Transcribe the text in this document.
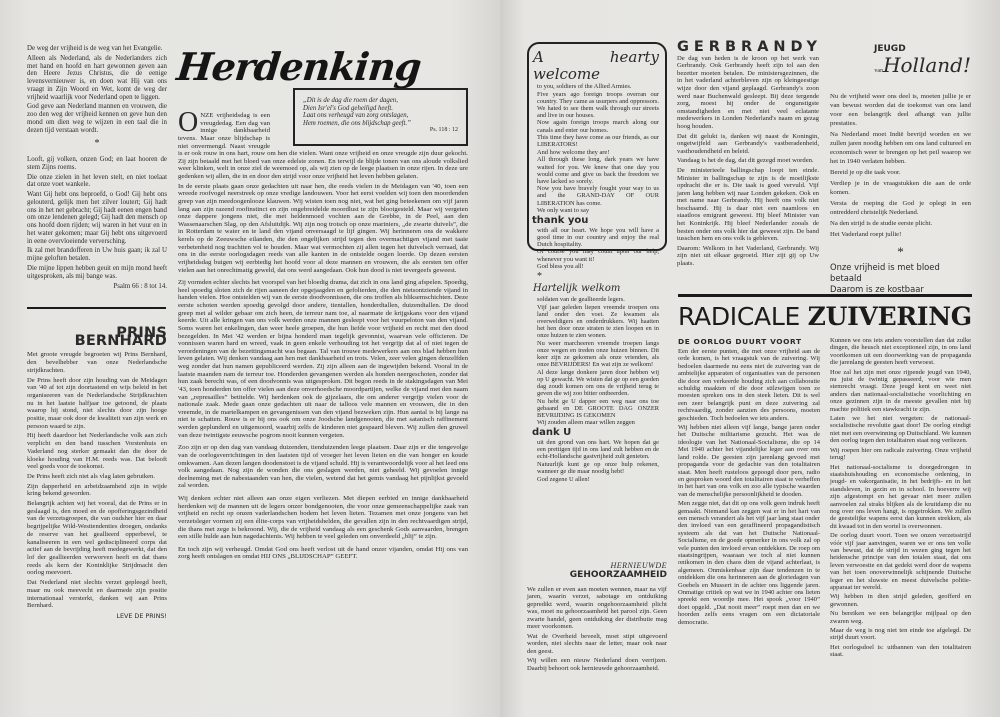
De weg der vrijheid is de weg van het Evangelie.

Alleen als Nederland, als de Nederlanders zich met hand en hoofd en hart gewonnen geven aan den Heere Jezus Christus, die de eenige levensvernieuwer is, en doen wat Hij van ons vraagt in Zijn Woord en Wet, komt de weg der vrijheid waarlijk voor Nederland open te liggen.

God geve aan Nederland mannen en vrouwen, die zoo den weg der vrijheid kennen en geve hun den mond om dien weg te wijzen in een taal die in dezen tijd verstaan wordt.

*

Looft, gij volken, onzen God; en laat hooren de stem Zijns roems.

Die onze zielen in het leven stelt, en niet toelaat dat onze voet wankele.

Want Gij hebt ons beproefd, o God! Gij hebt ons gelouterd, gelijk men het zilver loutert; Gij hadt ons in het net gebracht; Gij hadt eenen engen band om onze lendenen gelegd; Gij hadt den mensch op ons hoofd doen rijden; wij waren in het vuur en in het water gekomen; maar Gij hebt ons uitgevoerd in eene overvloeiende verversching.

Ik zal met brandofferen in Uw huis gaan; ik zal U mijne geloften betalen.

Die mijne lippen hebben geuit en mijn mond heeft uitgesproken, als mij bange was.

Psalm 66 : 8 tot 14.
PRINS BERNHARD

Met groote vreugde begroeten wij Prins Bernhard, den bevelhebber van onze Nederlandsche strijdkrachten.

De Prins heeft door zijn houding van de Meidagen van '40 af tot zijn doortastend en wijs beleid in het organiseeren van de Nederlandsche Strijdkrachten nu in het laatste halfjaar toe getoond, de plaats waarop hij stond, niet slechts door zijn hooge positie, maar ook door de kwaliteit van zijn werk en persoon waard te zijn.

Hij heeft daardoor het Nederlandsche volk aan zich verplicht en den band tusschen Vorstenhuis en Vaderland nog sterker gemaakt dan die door de kloeke houding van H.M. reeds was. Dat belooft veel goeds voor de toekomst.

De Prins heeft zich niet als vlag laten gebruiken.

Zijn dapperheid en arbeidzaamheid zijn in wijde kring bekend geworden.

Belangrijk achten wij het vooral, dat de Prins er in geslaagd is, den moed en de opofferingsgezindheid van de verzetsgroepen, die van oudsher hier en daar begrijpelijke Wild-Westtendenties droegen, ondanks de reserve van het geallieerd opperbevel, te kanaliseeren in een wel gedisciplineerd corps dat actief aan de bevrijding heeft medegewerkt, dat den lof der geallieerden verworven heeft en dat thans reeds als kern der Koninklijke Strijdmacht den oorlog meevoert.

Dat Nederland niet slechts verzet gepleegd heeft, maar nu ook meevecht en daarmede zijn positie internationaal versterkt, danken wij aan Prins Bernhard.

LEVE DE PRINS!
Herdenking
„Dit is de dag die roem der dagen,
Dien Isr'el's God geheiligd heeft.
Laat ons verheugd van zorg ontslagen,
Hem roemen, die ons blijdschap geeft.”
Ps. 118 : 12

ONZE vrijheidsdag is een vreugdedag. Een dag van innige dankbaarheid tevens. Maar onze blijdschap is niet onvermengd. Naast vreugde is er ook rouw in ons hart, rouw om hen die vielen. Want onze vrijheid en onze vreugde zijn duur gekocht. Zij zijn betaald met het bloed van onze edelste zonen. En terwijl de blijde tonen van ons aloude volkslied weer klinken, welt in onze ziel de weemoed op, als wij zien op de leege plaatsen in onze rijen. In deze ure gedenken wij allen, die in en door den strijd voor onze vrijheid het leven hebben gelaten.

In de eerste plaats gaan onze gedachten uit naar hen, die reeds vielen in de Meidagen van '40, toen een wreede roofvogel neerstreek op onze vredige landouwen. Voor het eerst voelden wij toen den moordenden greep van zijn meedoogenlooze klauwen. Wij wisten toen nog niet, wat het ging beteekenen om vijf jaren lang aan zijn razend roofinstinct en zijn ongebreidelde moordlust te zijn blootgesteld. Maar wij vergeten onze dappere jongens niet, die met heldenmoed vochten aan de Grebbe, in de Peel, aan den Wassenaarschen Slag, op den Afsluitdijk. Wij zijn nog trotsch op onze mariniers, „de zwarte duivels”, die in Rotterdam te water en te land den vijand onversaagd te lijf gingen. Wij herinneren ons de wakkere kerels op de Zeeuwsche eilanden, die den ongelijken strijd tegen den overmachtigen vijand met taaie verbetenheid nog trachtten vol te houden. Maar wat vermochten zij allen tegen het duivelsch verraad, dat ons in die eerste oorlogsdagen reeds van alle kanten in de ontstelde oogen loerde. Op dezen eersten vrijheidsdag buigen wij eerbiedig het hoofd voor al deze mannen en vrouwen, die als eersten ten offer vielen aan het onrechtmatig geweld, dat ons werd aangedaan. Ook hun dood is niet tevergeefs geweest.

Zij vormden echter slechts het voorspel van het bloedig drama, dat zich in ons land ging afspelen. Spoedig, heel spoedig sloten zich de rijen aaneen der opgejaagden en gefolterden, die den nietsontziende vijand in handen vielen. Hoe ontstelden wij van de eerste doodvonnissen, die ons troffen als bliksemschichten. Deze eerste schoten werden spoedig gevolgd door andere, tientallen, honderdtallen, duizendtallen. De dood greep met al wilder gebaar om zich heen, de terreur nam toe, al naarmate de krijgskans voor den vijand keerde. Uit alle kringen van ons volk werden onze mannen gesleept voor het vuurpeloton van den vijand. Soms waren het enkelingen, dan weer heele groepen, die hun liefde voor vrijheid en recht met den dood bezegelden. In Mei '42 werden er bijna honderd man tegelijk gevonnist, waarvan vele officieren. De vonnissen waren hard en wreed, vaak in geen enkele verhouding tot het vergrijp dat al of niet tegen de verordeningen van de bezettingsmacht was begaan. Tal van trouwe medewerkers aan ons blad hebben hun leven gelaten. Wij denken vandaag aan hen met dankbaarheid en trots. Velen, zeer velen gingen denzelfden weg zonder dat hun namen gepubliceerd werden. Zij zijn alleen aan de ingewijden bekend. Vooral in de laatste maanden nam de terreur toe. Honderden gevangenen werden als honden neergeschoten, zonder dat hun zaak berecht was, of een doodvonnis was uitgesproken. Dit begon reeds in de stakingsdagen van Mei '43, toen honderden ten offer vielen aan deze onverhoedsche moordpartijen, welke de vijand met den naam van „represailles” betitelde. Wij herdenken ook de gijzelaars, die om anderer vergrijp vielen voor de nationale zaak. Mede gaan onze gedachten uit naar de talloos vele mannen en vrouwen, die in den vreemde, in de martelkampen en gevangenissen van den vijand bezweken zijn. Hun aantal is bij lange na niet te schatten. Rouw is er bij ons ook om onze Joodsche landgenooten, die met satanisch raffinement werden geplunderd en uitgemoord, waarbij zelfs de kinderen niet gespaard bleven. Wij zullen den gruwel van deze twintigste eeuwsche pogrom nooit kunnen vergeten.

Zoo zijn er op den dag van vandaag duizenden, tienduizenden leege plaatsen. Daar zijn er die tengevolge van de oorlogsverrichtingen in den laatsten tijd of vroeger het leven lieten en die van honger en koude omkwamen. Aan dezen langen doodenstoet is de vijand schuld. Hij is verantwoordelijk voor al het leed ons volk aangedaan. Nog zijn de wonden die ons geslagen werden, niet geheeld. Wij gevoelen innige deelneming met de nabestaanden van hen, die vielen, wetend dat het gemis vandaag het pijnlijkst gevoeld zal worden.

Wij denken echter niet alleen aan onze eigen verliezen. Met diepen eerbied en innige dankbaarheid herdenken wij de mannen uit de legers onzer bondgenooten, die voor onze gemeenschappelijke zaak van vrijheid en recht op onzen vaderlandschen bodem het leven lieten. Tezamen met onze jongens van het verzetsleger vormen zij een élite-corps van vrijheidshelden, die gevallen zijn in den rechtvaardigen strijd, die thans met zege is bekroond. Wij, die de vrijheid vandaag als een geschenk Gods aanvaarden, brengen een stille hulde aan hun nagedachtenis. Wij hebben te veel geleden om onverdeeld „blij” te zijn.

En toch zijn wij verheugd. Omdat God ons heeft verlost uit de hand onzer vijanden, omdat Hij ons van zorg heeft ontslagen en omdat HIJ ONS „BLIJDSCHAP” GEEFT.

A hearty welcome

to you, soldiers of the Allied Armies.

Five years ago foreign troops overran our country. They came as usurpers and oppressors. We hated to see them walk through our streets and live in our houses.

Now again foreign troops march along our canals and enter our homes.

This time they have come as our friends, as our LIBERATORS!

And how welcome they are!

All through these long, dark years we have waited for you. We knew that one day you would come and give us back the freedom we have lacked so sorely.

Now you have bravely fought your way to us and the GRAND-DAY OF OUR LIBERATION has come.

We only want to say

thank you

with all our heart. We hope you will have a good time in our country and enjoy the real Dutch hospitality.

Of course you may count upon our help, whenever you want it!

God bless you all!

*
Hartelijk welkom

soldaten van de geallieerde legers.

Vijf jaar geleden liepen vreemde troepen ons land onder den voet. Ze kwamen als overweldigers en onderdrukkers. Wij haatten het hen door onze straten te zien loopen en in onze huizen te zien wonen.

Nu weer marcheeren vreemde troepen langs onze wegen en treden onze huizen binnen. Dit keer zijn ze gekomen als onze vrienden, als onze BEVRIJDERS! En wat zijn ze welkom!

Al deze lange donkere jaren door hebben wij op U gewacht. We wisten dat ge op een goeden dag zoudt komen om ons de vrijheid terug te geven die wij zoo bitter ontbeerden.

Nu hebt ge U dapper een weg naar ons toe gebaand en DE GROOTE DAG ONZER BEVRIJDING IS GEKOMEN

Wij zouden alleen maar willen zeggen

dank U

uit den grond van ons hart. We hopen dat ge een prettigen tijd in ons land zult hebben en de echt-Hollandsche gastvrijheid zult genieten.

Natuurlijk kunt ge op onze hulp rekenen, wanneer ge die maar noodig hebt!

God zegene U allen!

HERNIEUWDE
GEHOORZAAMHEID

We zullen er even aan moeten wennen, maar na vijf jaren, waarin verzet, sabotage en ontduiking gepredikt werd, waarin ongehoorzaamheid plicht was, moet nu gehoorzaamheid het parool zijn. Geen zwarte handel, geen ontduiking der distributie mag meer voorkomen.

Wat de Overheid beveelt, moet stipt uitgevoerd worden, niet slechts naar de letter, maar ook naar den geest.

Wij willen een nieuw Nederland doen verrijzen. Daarbij behoort ook hernieuwde gehoorzaamheid.

GERBRANDY

De dag van heden is de kroon op het werk van Gerbrandy. Ook Gerbrandy heeft zijn tol aan den bezetter moeten betalen. De ministersgezinnen, die in het vaderland achterbleven zijn op kleingeestige wijze door den vijand geplaagd. Gerbrandy's zoon werd naar Buchenwald gesleept. Bij deze tergende zorg, moest hij onder de ongunstigste omstandigheden en met niet veel eclatante medewerkers in Londen Nederland's naam en gezag hoog houden.

Dat dit gelukt is, danken wij naast de Koningin, ongetwijfeld aan Gerbrandy's vastberadenheid, vasthoudendheid en beleid.

Vandaag is het de dag, dat dit gezegd moet worden.

De ministerieele ballingschap loopt ten einde. Minister in ballingschap te zijn is de moeilijkste opdracht die er is. Die taak is goed vervuld. Vijf jaren lang hebben wij naar Londen gekeken. Ook en met name naar Gerbrandy. Hij heeft ons volk niet beschaamd. Hij is daar niet een naamloos en staatloos emigrant geweest. Hij bleef Minister van het Koninkrijk. Hij bleef Nederlander zooals de besten onder ons volk hier dat geweest zijn. De band tusschen hem en ons volk is gebleven.

Daarom: Welkom in het Vaderland, Gerbrandy. Wij zijn niet uit elkaar gegroeid. Hier zijt gij op Uw plaats.

JEUGD
vanHolland!

Nu de vrijheid weer ons deel is, moeten jullie je er van bewust worden dat de toekomst van ons land voor een belangrijk deel afhangt van jullie prestaties.

Na Nederland moet Indië bevrijd worden en we zullen jaren noodig hebben om ons land cultureel en economisch weer te brengen op het peil waarop we het in 1940 verlaten hebben.

Bereid je op die taak voor.

Verdiep je in de vraagstukken die aan de orde komen.

Versta de roeping die God je oplegt in een ontredderd christelijk Nederland.

Na den strijd is de studie eerste plicht.

Het Vaderland roept jullie!

*
Onze vrijheid is met bloed betaald
Daarom is ze kostbaar
RADICALE ZUIVERING
DE OORLOG DUURT VOORT

Een der eerste punten, die met onze vrijheid aan de orde komen, is het vraagstuk van de zuivering. Wij bedoelen daarmede nu eens niet de zuivering van de ambtelijke apparaten of organisaties van de personen die door een verkeerde houding zich aan collaboratie schuldig maakten of die door stilzwijgen toen ze moesten spreken ons in den steek lieten. Dit is wel een zeer belangrijk punt en deze zuivering zal rechtvaardig, zonder aanzien des persoons, moeten geschieden. Toch bedoelen we iets anders.

Wij hebben niet alleen vijf lange, bange jaren onder het Duitsche militarisme gezucht. Het was de ideologie van het Nationaal-Socialisme, die op 14 Mei 1940 achter het vijandelijke leger aan over ons land rolde. De geesten zijn jarenlang gevoed met propaganda voor de gedachte van den totalitairen staat. Men heeft rusteloos gepoogd door pers, radio en gesproken woord den totalitairen staat te verheffen in het hart van ons volk en zoo alle typische waarden van de menschelijke persoonlijkheid te dooden.

Men zegge niet, dat dit op ons volk geen indruk heeft gemaakt. Niemand kan zeggen wat er in het hart van een mensch verandert als het vijf jaar lang staat onder den invloed van een geraffineerd propagandistisch systeem als dat van het Duitsche Nationaal-Socialisme, en de goede opmerker in ons volk zal op vele punten den invloed ervan ontdekken. De roep om staatsingrijpen, waaraan we toch al niet kunnen ontkomen in den chaos dien de vijand achterlaat, is algemeen. Onmiskenbaar zijn daar tendenzen in te ontdekken die ons herinneren aan de gloriedagen van Goebels en Mussert in de achter ons liggende jaren. Onmatige critiek op wat we in 1940 achter ons lieten spreekt een woordje mee. Het spook „voor 1940” doet opgeld. „Dat nooit meer” roept men dan en we hoorden zelfs eens vragen om een dictatoriale democratie.

Kunnen we ons iets anders voorstellen dan dat zulke dingen, die heusch niet exceptioneel zijn, in ons land voortkomen uit een doorwerking van de propaganda die jarenlang de geesten heeft verwoest.

Hoe zal het zijn met onze rijpende jeugd van 1940, nu juist de twintig gepasseerd, voor wie men stemrecht vraagt. Deze jeugd kent en weet niet anders dan nationaal-socialistische voorlichting en onze gezinnen zijn in de meeste gevallen niet bij machte politiek een stawkracht te zijn.

Laten we het niet vergeten: de nationaal-socialistische revolutie gaat door! De oorlog eindigt niet met een overwinning op Duitschland. We kunnen den oorlog tegen den totalitairen staat nog verliezen.

Wij roepen hier om radicale zuivering. Onze vrijheid terug!

Het nationaal-socialisme is doorgedrongen in staatshuishouding en economische ordening, in jeugd- en vakorganisatie, in het bedrijfs- en in het standsleven, in gezin en in school. In hoeverre wij zijn afgestompt en het gevaar niet meer zullen aanvoelen zal straks blijken als de kruitdamp die nu nog over ons leven hangt, is opgetrokken. We zullen de geestelijke wapens eerst dan kunnen strekken, als dit kwaad tot in den wortel is overwonnen.

De oorlog duurt voort. Toen we onzen verzetsstrijd vóór vijf jaar aanvingen, waren we er ons ten volle van bewust, dat de strijd in wezen ging tegen het heidensche principe van den totalen staat, dat ons leven verwoestte en dat gedekt werd door de wapens van het toen onoverwinnelijk schijnende Duitsche leger en het sluwste en meest duivelsche politie-apparaat ter wereld.

Wij hebben in dien strijd geleden, geofferd en gewonnen.

Nu bereiken we een belangrijke mijlpaal op den zwaren weg.

Maar de weg is nog niet ten einde toe afgelegd. De strijd duurt voort.

Het oorlogsdoel is: uitbannen van den totalitairen staat.
